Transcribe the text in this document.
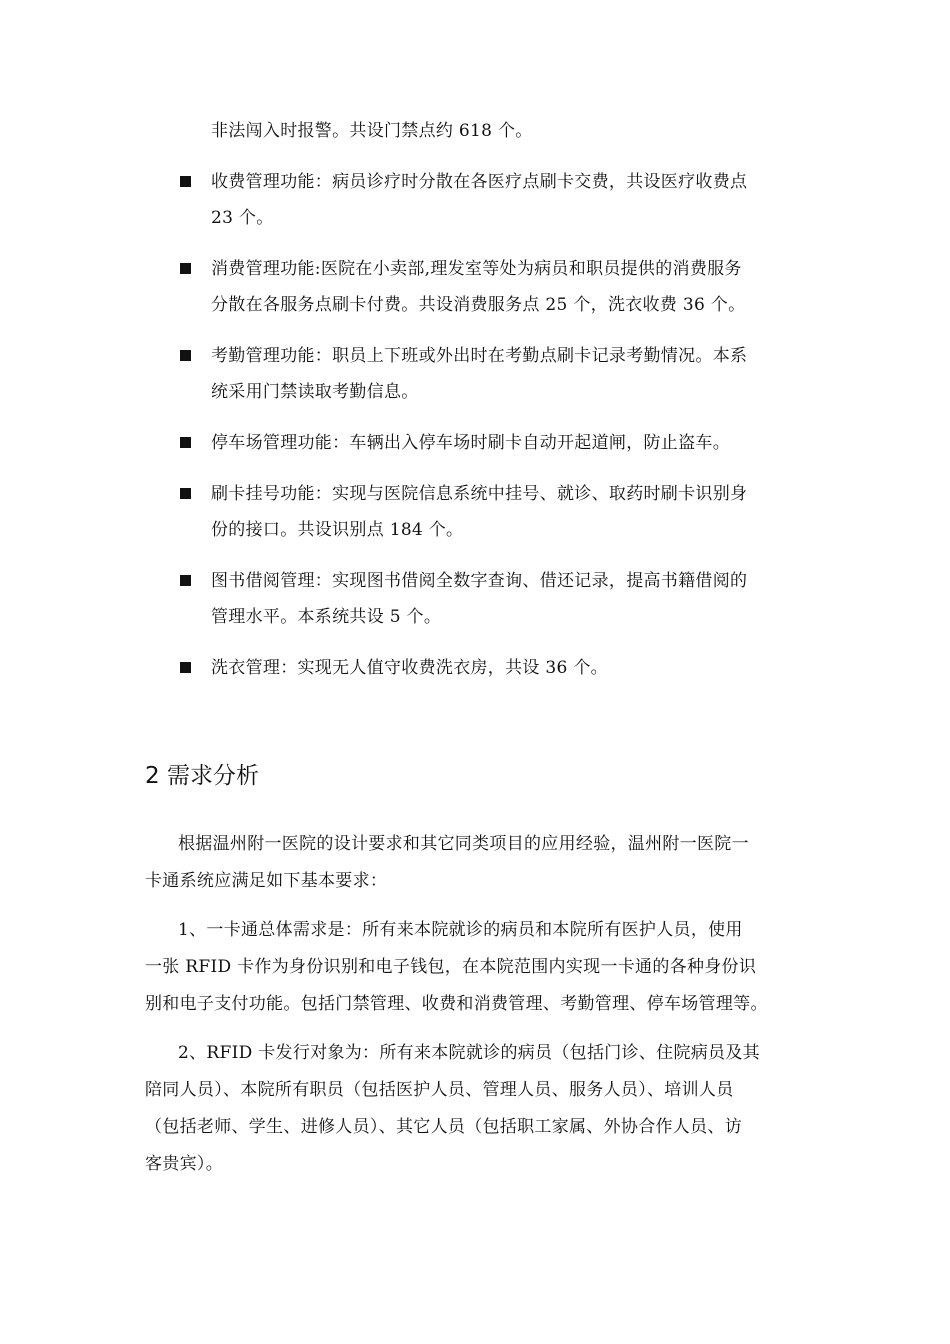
非法闯入时报警。共设门禁点约 618 个。
收费管理功能：病员诊疗时分散在各医疗点刷卡交费，共设医疗收费点
23 个。
消费管理功能:医院在小卖部,理发室等处为病员和职员提供的消费服务
分散在各服务点刷卡付费。共设消费服务点 25 个，洗衣收费 36 个。
考勤管理功能：职员上下班或外出时在考勤点刷卡记录考勤情况。本系
统采用门禁读取考勤信息。
停车场管理功能：车辆出入停车场时刷卡自动开起道闸，防止盗车。
刷卡挂号功能：实现与医院信息系统中挂号、就诊、取药时刷卡识别身
份的接口。共设识别点 184 个。
图书借阅管理：实现图书借阅全数字查询、借还记录，提高书籍借阅的
管理水平。本系统共设 5 个。
洗衣管理：实现无人值守收费洗衣房，共设 36 个。
2 需求分析
根据温州附一医院的设计要求和其它同类项目的应用经验，温州附一医院一
卡通系统应满足如下基本要求：
1、一卡通总体需求是：所有来本院就诊的病员和本院所有医护人员，使用
一张 RFID 卡作为身份识别和电子钱包，在本院范围内实现一卡通的各种身份识
别和电子支付功能。包括门禁管理、收费和消费管理、考勤管理、停车场管理等。
2、RFID 卡发行对象为：所有来本院就诊的病员（包括门诊、住院病员及其
陪同人员）、本院所有职员（包括医护人员、管理人员、服务人员）、培训人员
（包括老师、学生、进修人员）、其它人员（包括职工家属、外协合作人员、访
客贵宾）。
